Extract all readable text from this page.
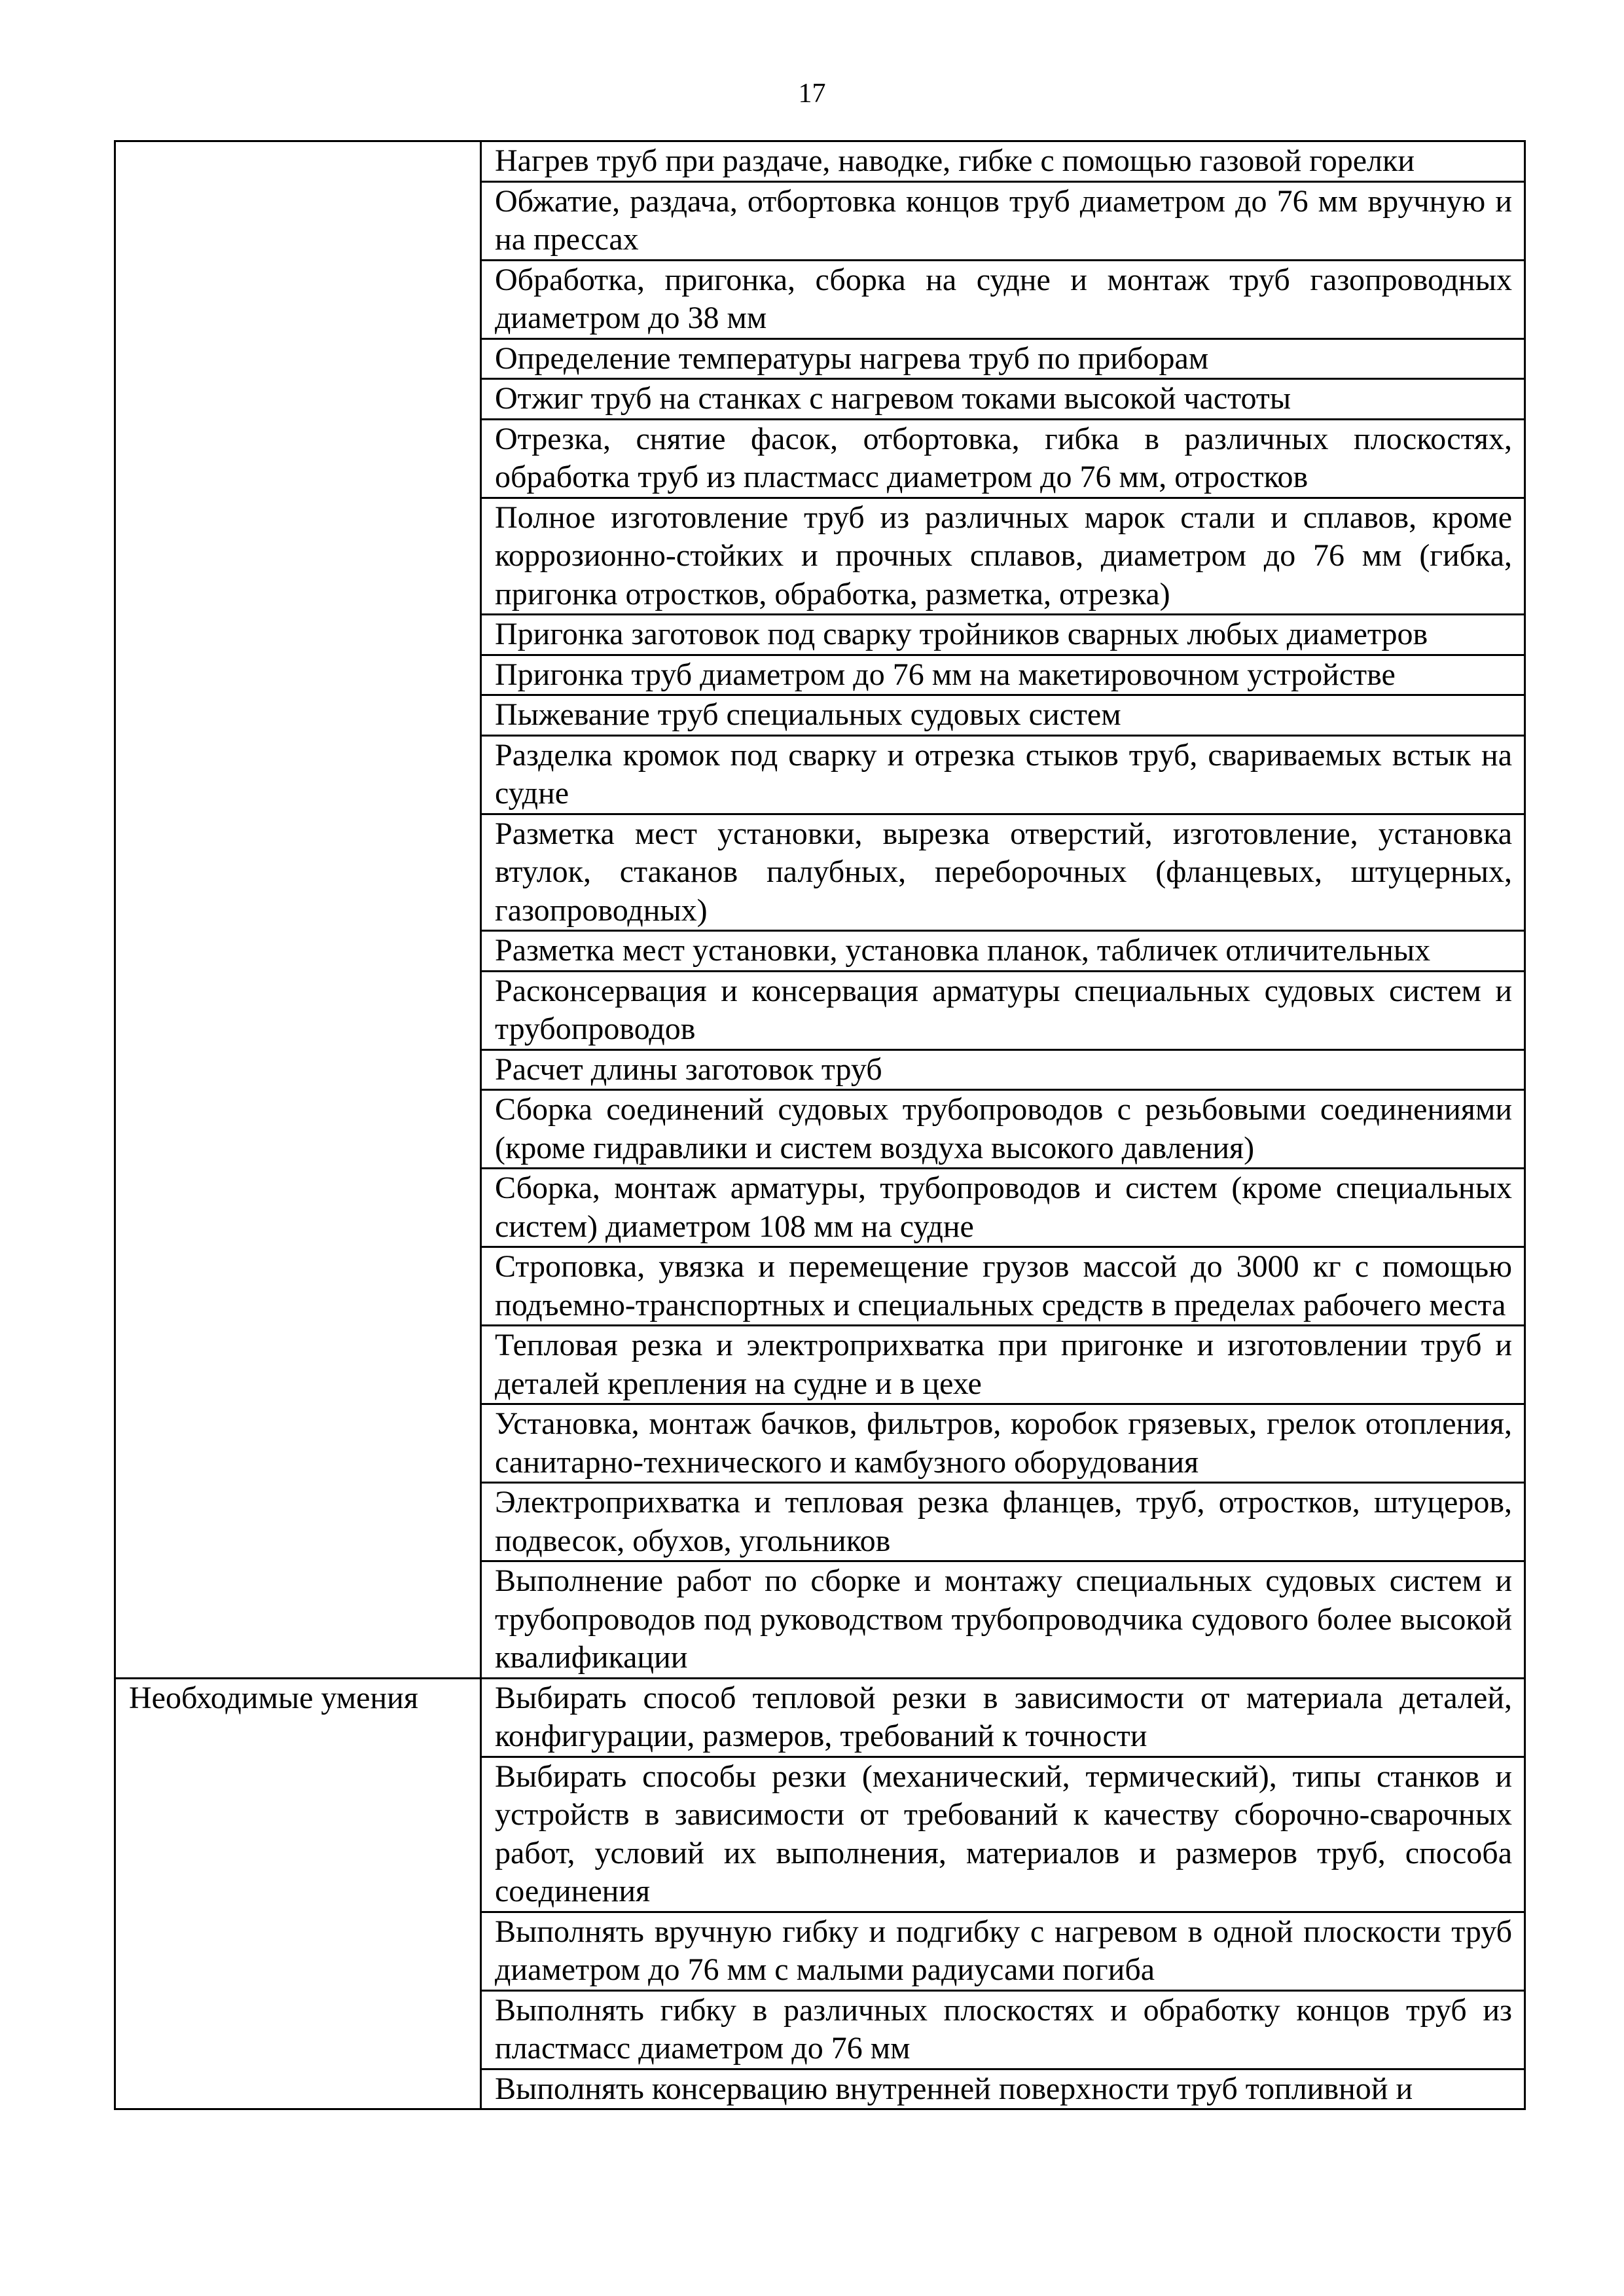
17
	Нагрев труб при раздаче, наводке, гибке с помощью газовой горелки
	Обжатие, раздача, отбортовка концов труб диаметром до 76 мм вручную и на прессах
	Обработка, пригонка, сборка на судне и монтаж труб газопроводных диаметром до 38 мм
	Определение температуры нагрева труб по приборам
	Отжиг труб на станках с нагревом токами высокой частоты
	Отрезка, снятие фасок, отбортовка, гибка в различных плоскостях, обработка труб из пластмасс диаметром до 76 мм, отростков
	Полное изготовление труб из различных марок стали и сплавов, кроме коррозионно-стойких и прочных сплавов, диаметром до 76 мм (гибка, пригонка отростков, обработка, разметка, отрезка)
	Пригонка заготовок под сварку тройников сварных любых диаметров
	Пригонка труб диаметром до 76 мм на макетировочном устройстве
	Пыжевание труб специальных судовых систем
	Разделка кромок под сварку и отрезка стыков труб, свариваемых встык на судне
	Разметка мест установки, вырезка отверстий, изготовление, установка втулок, стаканов палубных, переборочных (фланцевых, штуцерных, газопроводных)
	Разметка мест установки, установка планок, табличек отличительных
	Расконсервация и консервация арматуры специальных судовых систем и трубопроводов
	Расчет длины заготовок труб
	Сборка соединений судовых трубопроводов с резьбовыми соединениями (кроме гидравлики и систем воздуха высокого давления)
	Сборка, монтаж арматуры, трубопроводов и систем (кроме специальных систем) диаметром 108 мм на судне
	Строповка, увязка и перемещение грузов массой до 3000 кг с помощью подъемно-транспортных и специальных средств в пределах рабочего места
	Тепловая резка и электроприхватка при пригонке и изготовлении труб и деталей крепления на судне и в цехе
	Установка, монтаж бачков, фильтров, коробок грязевых, грелок отопления, санитарно-технического и камбузного оборудования
	Электроприхватка и тепловая резка фланцев, труб, отростков, штуцеров, подвесок, обухов, угольников
	Выполнение работ по сборке и монтажу специальных судовых систем и трубопроводов под руководством трубопроводчика судового более высокой квалификации
Необходимые умения	Выбирать способ тепловой резки в зависимости от материала деталей, конфигурации, размеров, требований к точности
	Выбирать способы резки (механический, термический), типы станков и устройств в зависимости от требований к качеству сборочно-сварочных работ, условий их выполнения, материалов и размеров труб, способа соединения
	Выполнять вручную гибку и подгибку с нагревом в одной плоскости труб диаметром до 76 мм с малыми радиусами погиба
	Выполнять гибку в различных плоскостях и обработку концов труб из пластмасс диаметром до 76 мм
	Выполнять консервацию внутренней поверхности труб топливной и
